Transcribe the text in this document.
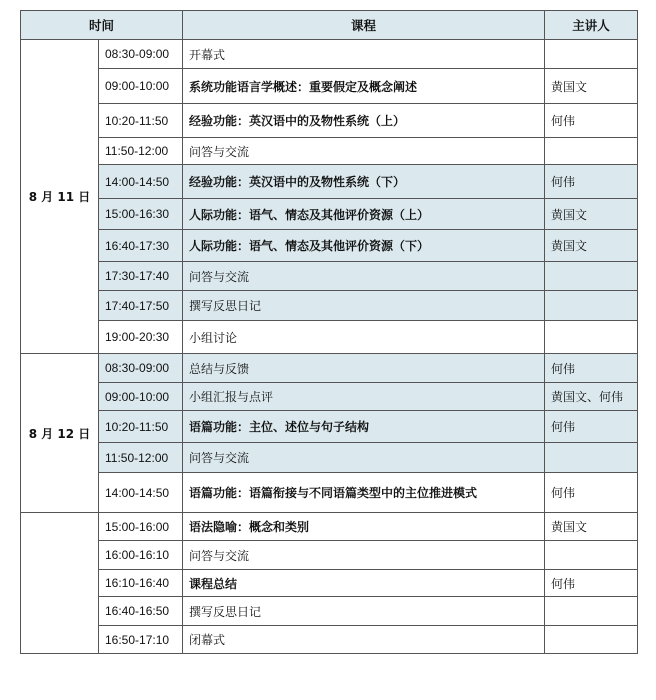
时间		课程	主讲人
8 月 11 日	08:30-09:00	开幕式	
	09:00-10:00	系统功能语言学概述：重要假定及概念阐述	黄国文
	10:20-11:50	经验功能：英汉语中的及物性系统（上）	何伟
	11:50-12:00	问答与交流	
	14:00-14:50	经验功能：英汉语中的及物性系统（下）	何伟
	15:00-16:30	人际功能：语气、情态及其他评价资源（上）	黄国文
	16:40-17:30	人际功能：语气、情态及其他评价资源（下）	黄国文
	17:30-17:40	问答与交流	
	17:40-17:50	撰写反思日记	
	19:00-20:30	小组讨论	
8 月 12 日	08:30-09:00	总结与反馈	何伟
	09:00-10:00	小组汇报与点评	黄国文、何伟
	10:20-11:50	语篇功能：主位、述位与句子结构	何伟
	11:50-12:00	问答与交流	
	14:00-14:50	语篇功能：语篇衔接与不同语篇类型中的主位推进模式	何伟
	15:00-16:00	语法隐喻：概念和类别	黄国文
	16:00-16:10	问答与交流	
	16:10-16:40	课程总结	何伟
	16:40-16:50	撰写反思日记	
	16:50-17:10	闭幕式	
